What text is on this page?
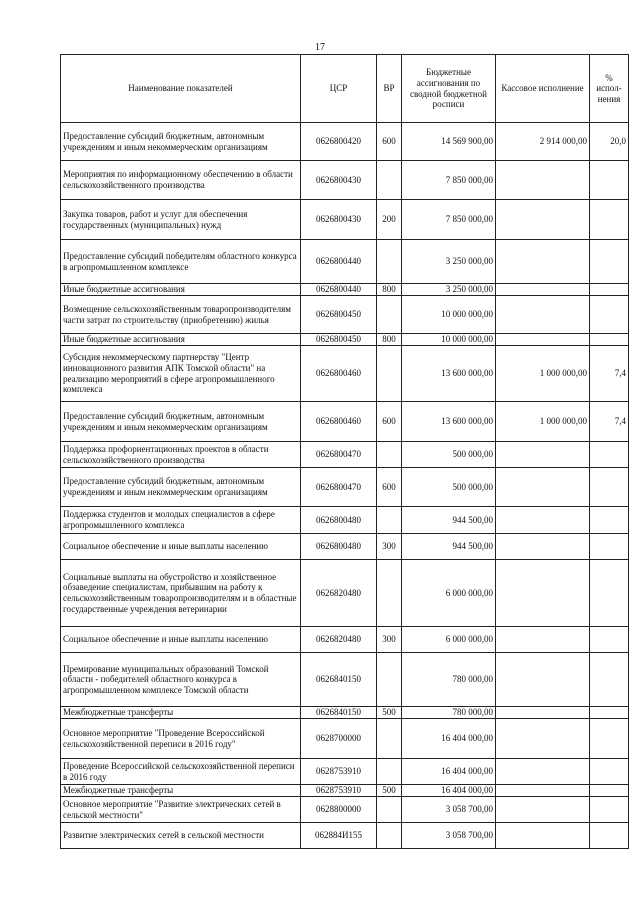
17
Наименование показателей	ЦСР	ВР	Бюджетные ассигнования по сводной бюджетной росписи	Кассовое исполнение	% испол-нения
Предоставление субсидий бюджетным, автономным учреждениям и иным некоммерческим организациям	0626800420	600	14 569 900,00	2 914 000,00	20,0
Мероприятия по информационному обеспечению в области сельскохозяйственного производства	0626800430		7 850 000,00		
Закупка товаров, работ и услуг для обеспечения государственных (муниципальных) нужд	0626800430	200	7 850 000,00		
Предоставление субсидий победителям областного конкурса в агропромышленном комплексе	0626800440		3 250 000,00		
Иные бюджетные ассигнования	0626800440	800	3 250 000,00		
Возмещение сельскохозяйственным товаропроизводителям части затрат по строительству (приобретению) жилья	0626800450		10 000 000,00		
Иные бюджетные ассигнования	0626800450	800	10 000 000,00		
Субсидия некоммерческому партнерству "Центр инновационного развития АПК Томской области" на реализацию мероприятий в сфере агропромышленного комплекса	0626800460		13 600 000,00	1 000 000,00	7,4
Предоставление субсидий бюджетным, автономным учреждениям и иным некоммерческим организациям	0626800460	600	13 600 000,00	1 000 000,00	7,4
Поддержка профориентационных проектов в области сельскохозяйственного производства	0626800470		500 000,00		
Предоставление субсидий бюджетным, автономным учреждениям и иным некоммерческим организациям	0626800470	600	500 000,00		
Поддержка студентов и молодых специалистов в сфере агропромышленного комплекса	0626800480		944 500,00		
Социальное обеспечение и иные выплаты населению	0626800480	300	944 500,00		
Социальные выплаты на обустройство и хозяйственное обзаведение специалистам, прибывшим на работу к сельскохозяйственным товаропроизводителям и в областные государственные учреждения ветеринарии	0626820480		6 000 000,00		
Социальное обеспечение и иные выплаты населению	0626820480	300	6 000 000,00		
Премирование муниципальных образований Томской области - победителей областного конкурса в агропромышленном комплексе Томской области	0626840150		780 000,00		
Межбюджетные трансферты	0626840150	500	780 000,00		
Основное мероприятие "Проведение Всероссийской сельскохозяйственной переписи в 2016 году"	0628700000		16 404 000,00		
Проведение Всероссийской сельскохозяйственной переписи в 2016 году	0628753910		16 404 000,00		
Межбюджетные трансферты	0628753910	500	16 404 000,00		
Основное мероприятие "Развитие электрических сетей в сельской местности"	0628800000		3 058 700,00		
Развитие электрических сетей в сельской местности	062884И155		3 058 700,00		
